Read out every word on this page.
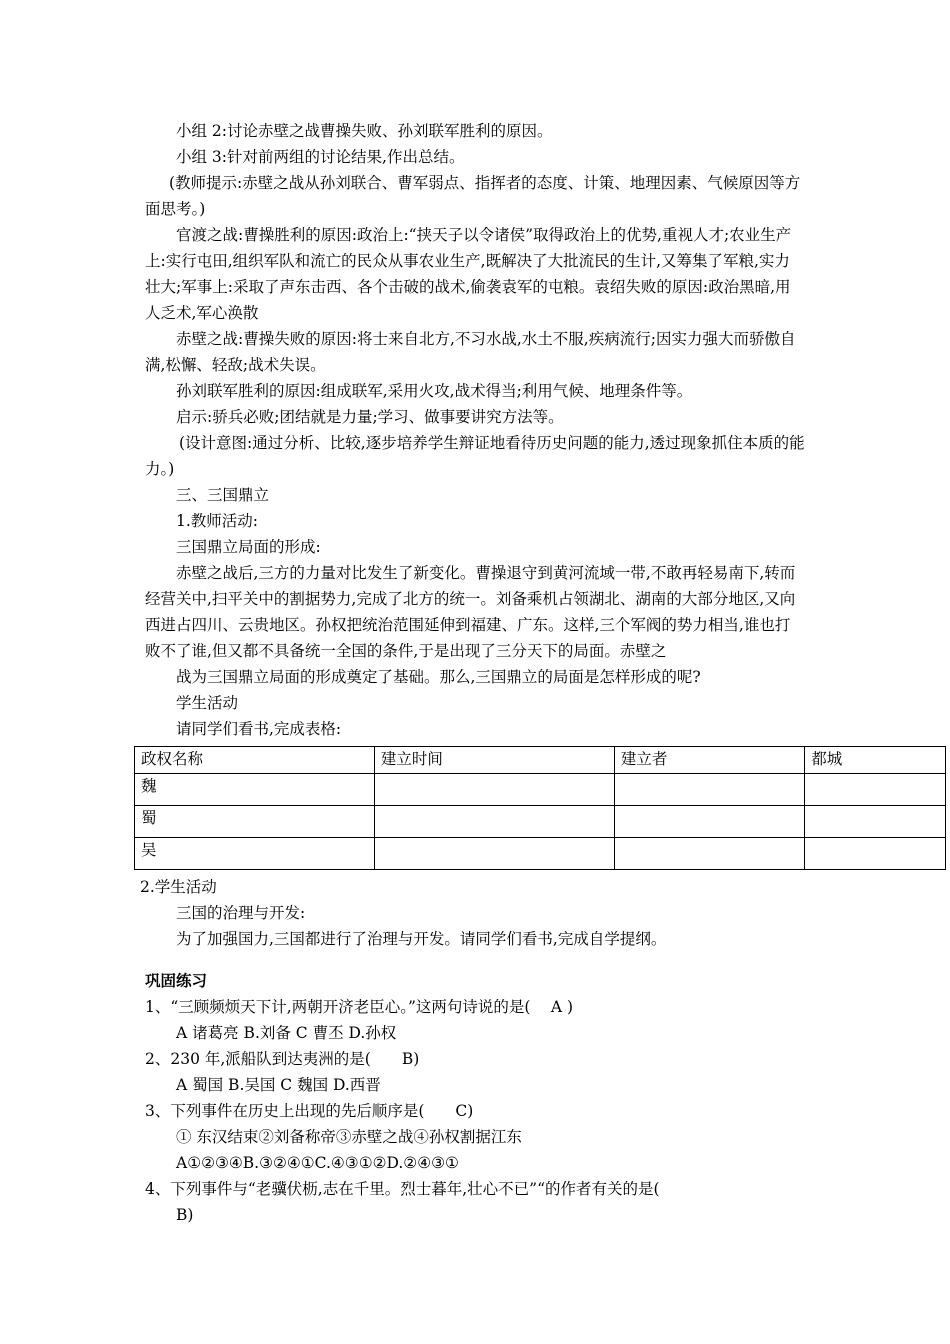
小组 2:讨论赤壁之战曹操失败、孙刘联军胜利的原因。

小组 3:针对前两组的讨论结果,作出总结。

(教师提示:赤壁之战从孙刘联合、曹军弱点、指挥者的态度、计策、地理因素、气候原因等方面思考。)

官渡之战:曹操胜利的原因:政治上:“挟天子以令诸侯”取得政治上的优势,重视人才;农业生产上:实行屯田,组织军队和流亡的民众从事农业生产,既解决了大批流民的生计,又筹集了军粮,实力壮大;军事上:采取了声东击西、各个击破的战术,偷袭袁军的屯粮。袁绍失败的原因:政治黑暗,用人乏术,军心涣散

赤壁之战:曹操失败的原因:将士来自北方,不习水战,水土不服,疾病流行;因实力强大而骄傲自满,松懈、轻敌;战术失误。

孙刘联军胜利的原因:组成联军,采用火攻,战术得当;利用气候、地理条件等。

启示:骄兵必败;团结就是力量;学习、做事要讲究方法等。

(设计意图:通过分析、比较,逐步培养学生辩证地看待历史问题的能力,透过现象抓住本质的能力。)

三、三国鼎立

1.教师活动:

三国鼎立局面的形成:

赤壁之战后,三方的力量对比发生了新变化。曹操退守到黄河流域一带,不敢再轻易南下,转而经营关中,扫平关中的割据势力,完成了北方的统一。刘备乘机占领湖北、湖南的大部分地区,又向西进占四川、云贵地区。孙权把统治范围延伸到福建、广东。这样,三个军阀的势力相当,谁也打败不了谁,但又都不具备统一全国的条件,于是出现了三分天下的局面。赤壁之

战为三国鼎立局面的形成奠定了基础。那么,三国鼎立的局面是怎样形成的呢?

学生活动

请同学们看书,完成表格:

政权名称	建立时间	建立者	都城
魏			
蜀			
吴			

2.学生活动

三国的治理与开发:

为了加强国力,三国都进行了治理与开发。请同学们看书,完成自学提纲。

巩固练习

1、“三顾频烦天下计,两朝开济老臣心。”这两句诗说的是(　 A )

A 诸葛亮 B.刘备 C 曹丕 D.孙权

2、230 年,派船队到达夷洲的是(　　B)

A 蜀国 B.吴国 C 魏国 D.西晋

3、下列事件在历史上出现的先后顺序是(　　C)

① 东汉结束②刘备称帝③赤壁之战④孙权割据江东

A①②③④B.③②④①C.④③①②D.②④③①

4、下列事件与“老骥伏枥,志在千里。烈士暮年,壮心不已”“的作者有关的是(

B)
